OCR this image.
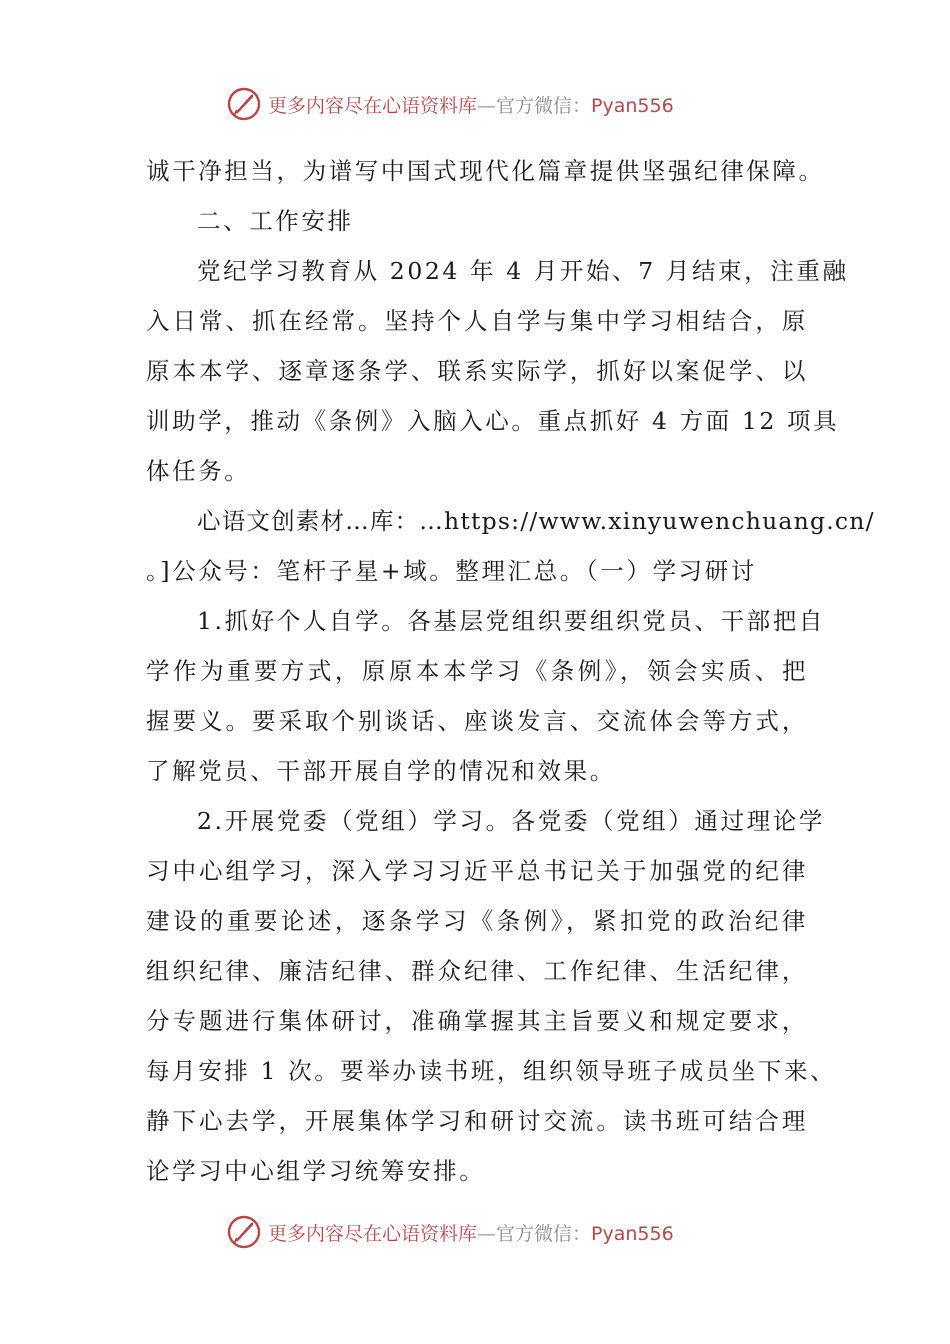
更多内容尽在心语资料库—官方微信：Pyan556
诚干净担当，为谱写中国式现代化篇章提供坚强纪律保障。
二、工作安排
党纪学习教育从 2024 年 4 月开始、7 月结束，注重融
入日常、抓在经常。坚持个人自学与集中学习相结合，原
原本本学、逐章逐条学、联系实际学，抓好以案促学、以
训助学，推动《条例》入脑入心。重点抓好 4 方面 12 项具
体任务。
心语文创素材…库：…https://www.xinyuwenchuang.cn/
。]公众号：笔杆子星+域。整理汇总。（一）学习研讨
1.抓好个人自学。各基层党组织要组织党员、干部把自
学作为重要方式，原原本本学习《条例》，领会实质、把
握要义。要采取个别谈话、座谈发言、交流体会等方式，
了解党员、干部开展自学的情况和效果。
2.开展党委（党组）学习。各党委（党组）通过理论学
习中心组学习，深入学习习近平总书记关于加强党的纪律
建设的重要论述，逐条学习《条例》，紧扣党的政治纪律
组织纪律、廉洁纪律、群众纪律、工作纪律、生活纪律，
分专题进行集体研讨，准确掌握其主旨要义和规定要求，
每月安排 1 次。要举办读书班，组织领导班子成员坐下来、
静下心去学，开展集体学习和研讨交流。读书班可结合理
论学习中心组学习统筹安排。
更多内容尽在心语资料库—官方微信：Pyan556
